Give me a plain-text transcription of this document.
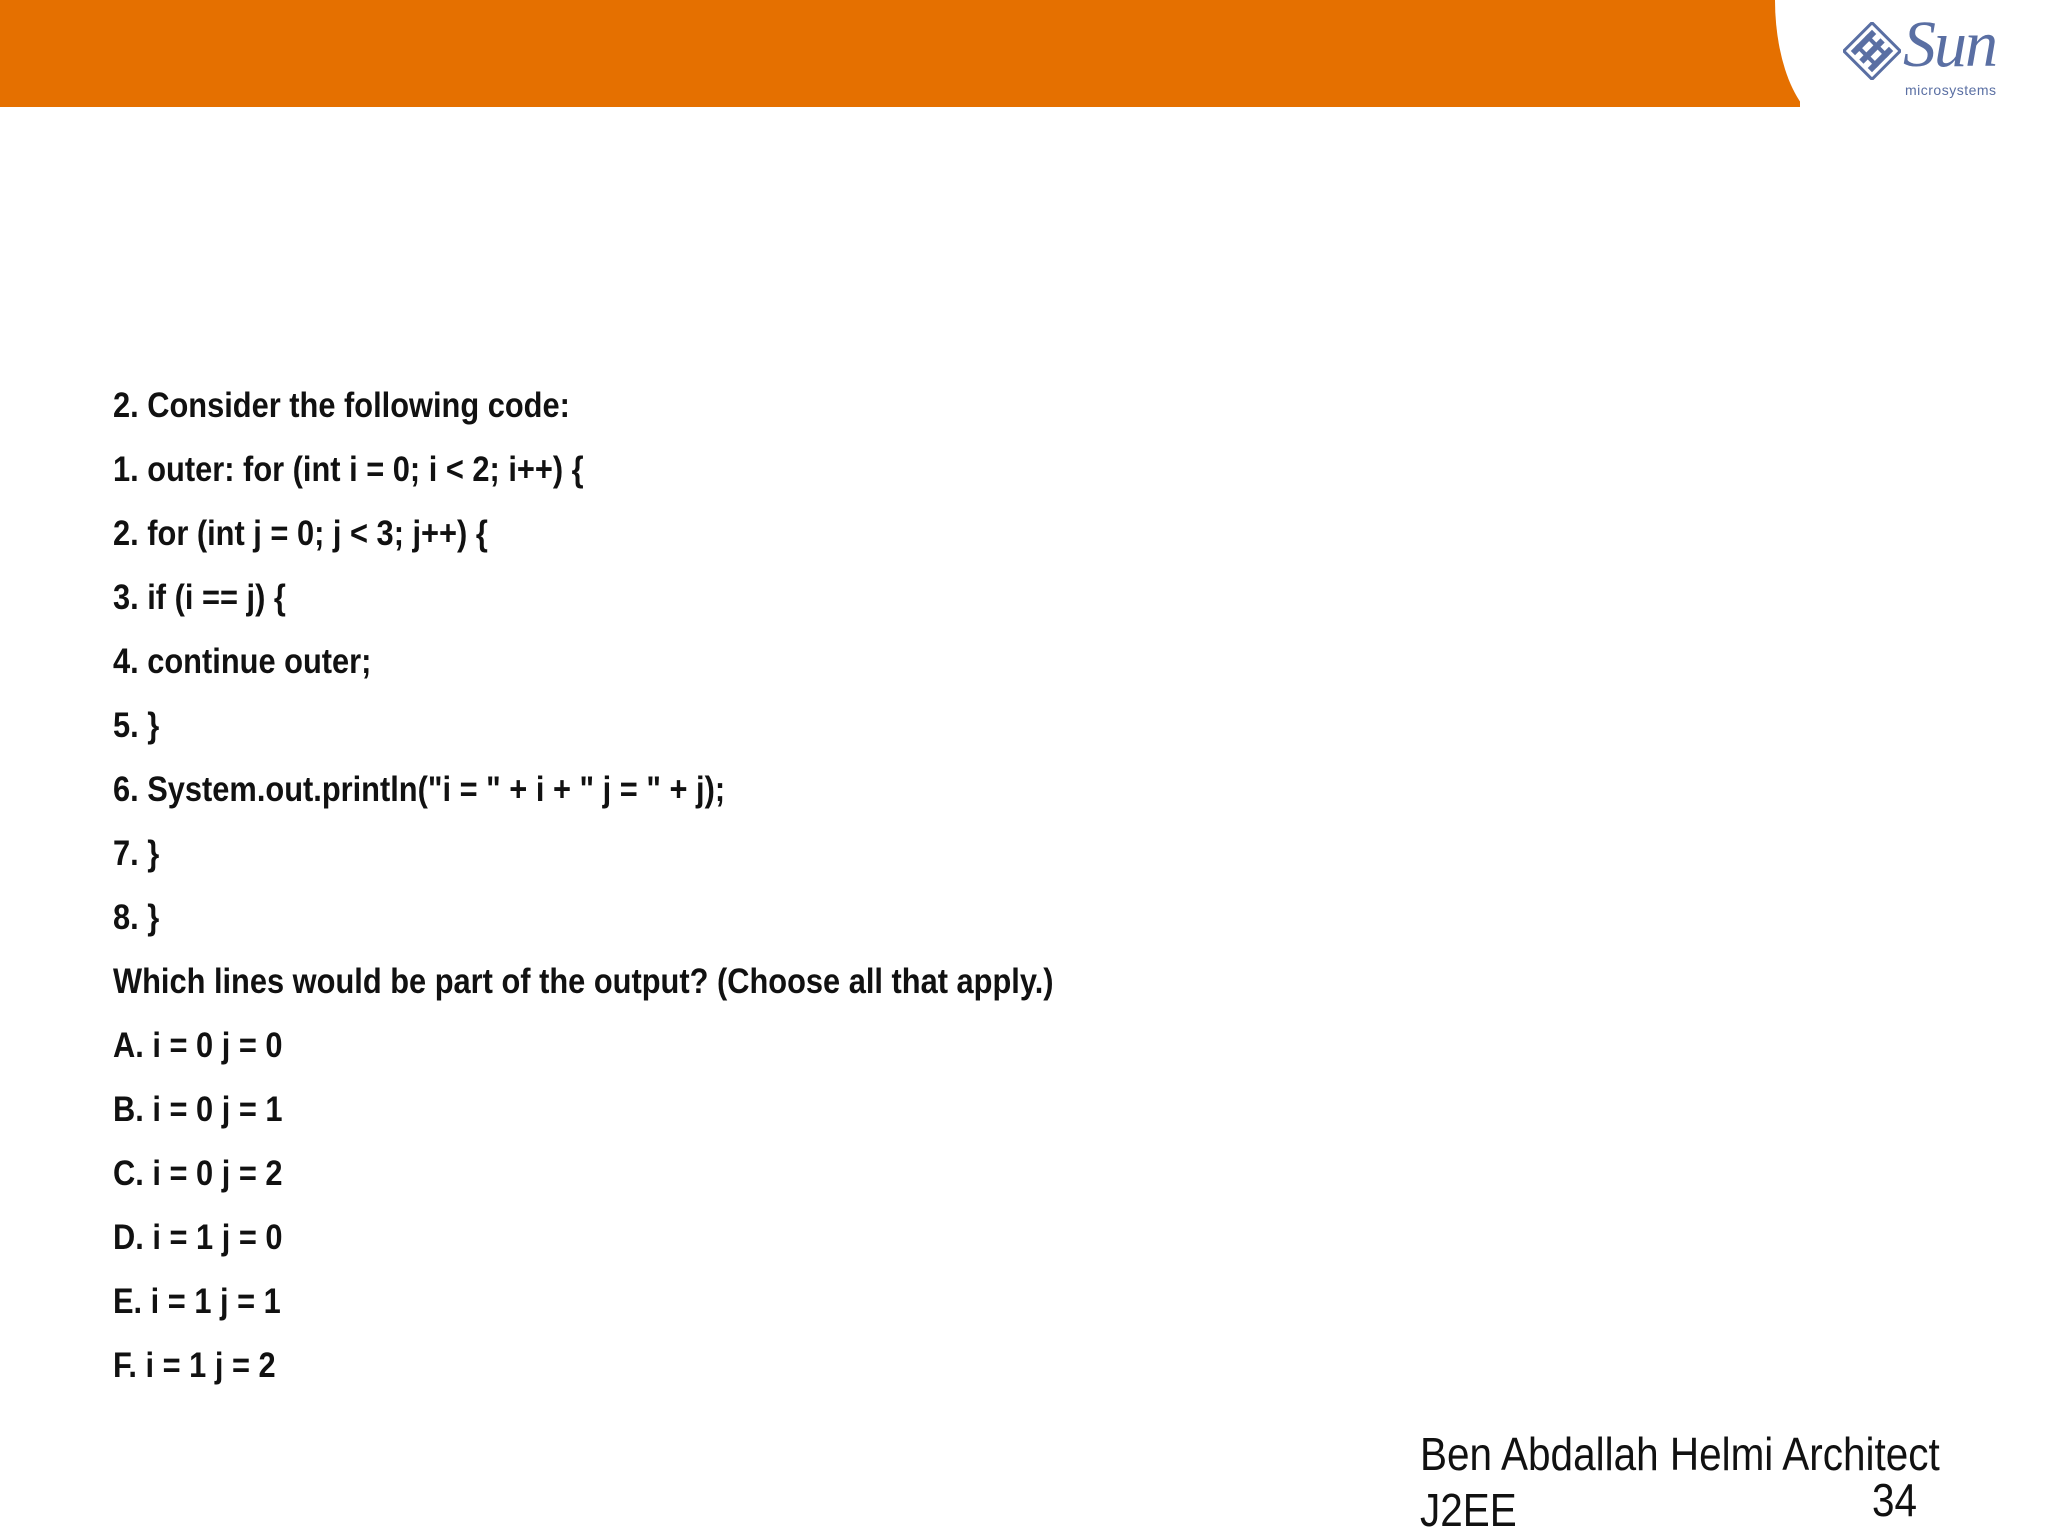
Sun
microsystems
2. Consider the following code:
1. outer: for (int i = 0; i < 2; i++) {
2. for (int j = 0; j < 3; j++) {
3. if (i == j) {
4. continue outer;
5. }
6. System.out.println("i = " + i + " j = " + j);
7. }
8. }
Which lines would be part of the output? (Choose all that apply.)
A. i = 0 j = 0
B. i = 0 j = 1
C. i = 0 j = 2
D. i = 1 j = 0
E. i = 1 j = 1
F. i = 1 j = 2
Ben Abdallah Helmi Architect
J2EE	34
